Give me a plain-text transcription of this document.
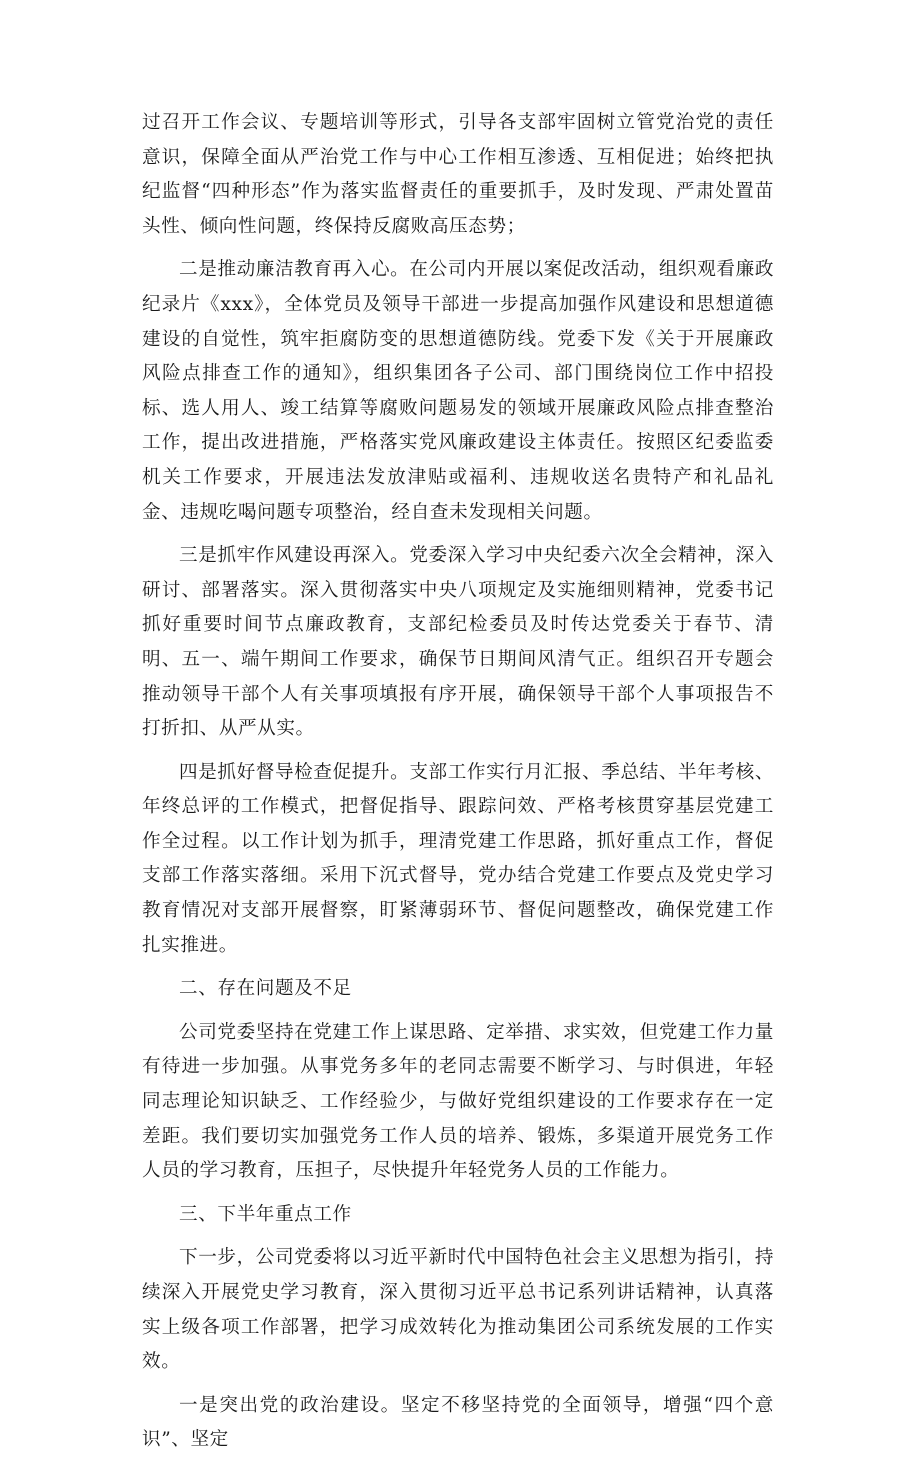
过召开工作会议、专题培训等形式，引导各支部牢固树立管党治党的责任意识，保障全面从严治党工作与中心工作相互渗透、互相促进；始终把执纪监督“四种形态”作为落实监督责任的重要抓手，及时发现、严肃处置苗头性、倾向性问题，终保持反腐败高压态势；

二是推动廉洁教育再入心。在公司内开展以案促改活动，组织观看廉政纪录片《xxx》，全体党员及领导干部进一步提高加强作风建设和思想道德建设的自觉性，筑牢拒腐防变的思想道德防线。党委下发《关于开展廉政风险点排查工作的通知》，组织集团各子公司、部门围绕岗位工作中招投标、选人用人、竣工结算等腐败问题易发的领域开展廉政风险点排查整治工作，提出改进措施，严格落实党风廉政建设主体责任。按照区纪委监委机关工作要求，开展违法发放津贴或福利、违规收送名贵特产和礼品礼金、违规吃喝问题专项整治，经自查未发现相关问题。

三是抓牢作风建设再深入。党委深入学习中央纪委六次全会精神，深入研讨、部署落实。深入贯彻落实中央八项规定及实施细则精神，党委书记抓好重要时间节点廉政教育，支部纪检委员及时传达党委关于春节、清明、五一、端午期间工作要求，确保节日期间风清气正。组织召开专题会推动领导干部个人有关事项填报有序开展，确保领导干部个人事项报告不打折扣、从严从实。

四是抓好督导检查促提升。支部工作实行月汇报、季总结、半年考核、年终总评的工作模式，把督促指导、跟踪问效、严格考核贯穿基层党建工作全过程。以工作计划为抓手，理清党建工作思路，抓好重点工作，督促支部工作落实落细。采用下沉式督导，党办结合党建工作要点及党史学习教育情况对支部开展督察，盯紧薄弱环节、督促问题整改，确保党建工作扎实推进。

二、存在问题及不足

公司党委坚持在党建工作上谋思路、定举措、求实效，但党建工作力量有待进一步加强。从事党务多年的老同志需要不断学习、与时俱进，年轻同志理论知识缺乏、工作经验少，与做好党组织建设的工作要求存在一定差距。我们要切实加强党务工作人员的培养、锻炼，多渠道开展党务工作人员的学习教育，压担子，尽快提升年轻党务人员的工作能力。

三、下半年重点工作

下一步，公司党委将以习近平新时代中国特色社会主义思想为指引，持续深入开展党史学习教育，深入贯彻习近平总书记系列讲话精神，认真落实上级各项工作部署，把学习成效转化为推动集团公司系统发展的工作实效。

一是突出党的政治建设。坚定不移坚持党的全面领导，增强“四个意识”、坚定
